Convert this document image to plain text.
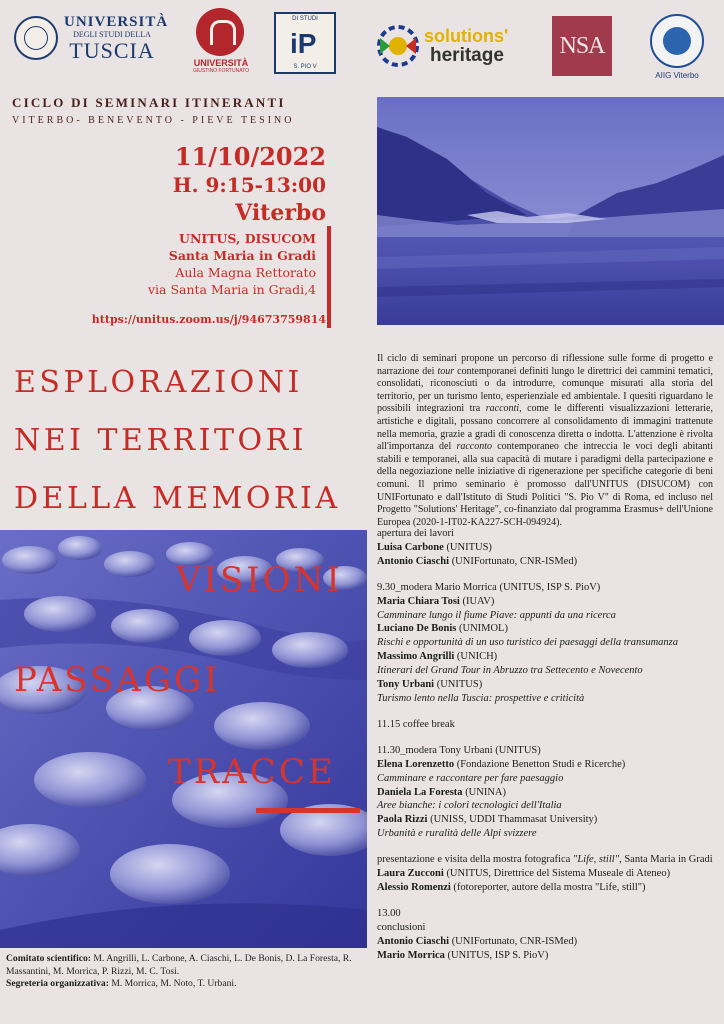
UNIVERSITÀ
DEGLI STUDI DELLA
TUSCIA	UNIVERSITÀ
GIUSTINO FORTUNATO
DI STUDI
iP
S. PIO V
solutions'
heritage	NSA
AIIG Viterbo
CICLO DI SEMINARI ITINERANTI
VITERBO- BENEVENTO - PIEVE TESINO
11/10/2022
H. 9:15-13:00
Viterbo
UNITUS, DISUCOM
Santa Maria in Gradi
Aula Magna Rettorato
via Santa Maria in Gradi,4
https://unitus.zoom.us/j/94673759814
ESPLORAZIONI
NEI TERRITORI
DELLA MEMORIA
Il ciclo di seminari propone un percorso di riflessione sulle forme di progetto e narrazione dei tour contemporanei definiti lungo le direttrici dei cammini tematici, consolidati, riconosciuti o da introdurre, comunque misurati alla storia del territorio, per un turismo lento, esperienziale ed ambientale. I quesiti riguardano le possibili integrazioni tra racconti, come le differenti visualizzazioni letterarie, artistiche e digitali, possano concorrere al consolidamento di immagini trattenute nella memoria, grazie a gradi di conoscenza diretta o indotta. L'attenzione è rivolta all'importanza del racconto contemporaneo che intreccia le voci degli abitanti stabili e temporanei, alla sua capacità di mutare i paradigmi della partecipazione e della negoziazione nelle iniziative di rigenerazione per specifiche categorie di beni comuni. Il primo seminario è promosso dall'UNITUS (DISUCOM) con UNIFortunato e dall'Istituto di Studi Politici "S. Pio V" di Roma, ed incluso nel Progetto "Solutions' Heritage", co-finanziato dal programma Erasmus+ dell'Unione Europea (2020-1-IT02-KA227-SCH-094924).
VISIONI
PASSAGGI
TRACCE
apertura dei lavori
Luisa Carbone (UNITUS)
Antonio Ciaschi (UNIFortunato, CNR-ISMed)
9.30_modera Mario Morrica (UNITUS, ISP S. PioV)
Maria Chiara Tosi (IUAV)
Camminare lungo il fiume Piave: appunti da una ricerca
Luciano De Bonis (UNIMOL)
Rischi e opportunità di un uso turistico dei paesaggi della transumanza
Massimo Angrilli (UNICH)
Itinerari del Grand Tour in Abruzzo tra Settecento e Novecento
Tony Urbani (UNITUS)
Turismo lento nella Tuscia: prospettive e criticità
11.15 coffee break
11.30_modera Tony Urbani (UNITUS)
Elena Lorenzetto (Fondazione Benetton Studi e Ricerche)
Camminare e raccontare per fare paesaggio
Daniela La Foresta (UNINA)
Aree bianche: i colori tecnologici dell'Italia
Paola Rizzi (UNISS, UDDI Thammasat University)
Urbanità e ruralità delle Alpi svizzere
presentazione e visita della mostra fotografica "Life, still", Santa Maria in Gradi
Laura Zucconi (UNITUS, Direttrice del Sistema Museale di Ateneo)
Alessio Romenzi (fotoreporter, autore della mostra "Life, still")
13.00
conclusioni
Antonio Ciaschi (UNIFortunato, CNR-ISMed)
Mario Morrica (UNITUS, ISP S. PioV)
Comitato scientifico: M. Angrilli, L. Carbone, A. Ciaschi, L. De Bonis, D. La Foresta, R. Massantini, M. Morrica, P. Rizzi, M. C. Tosi.
Segreteria organizzativa: M. Morrica, M. Noto, T. Urbani.
